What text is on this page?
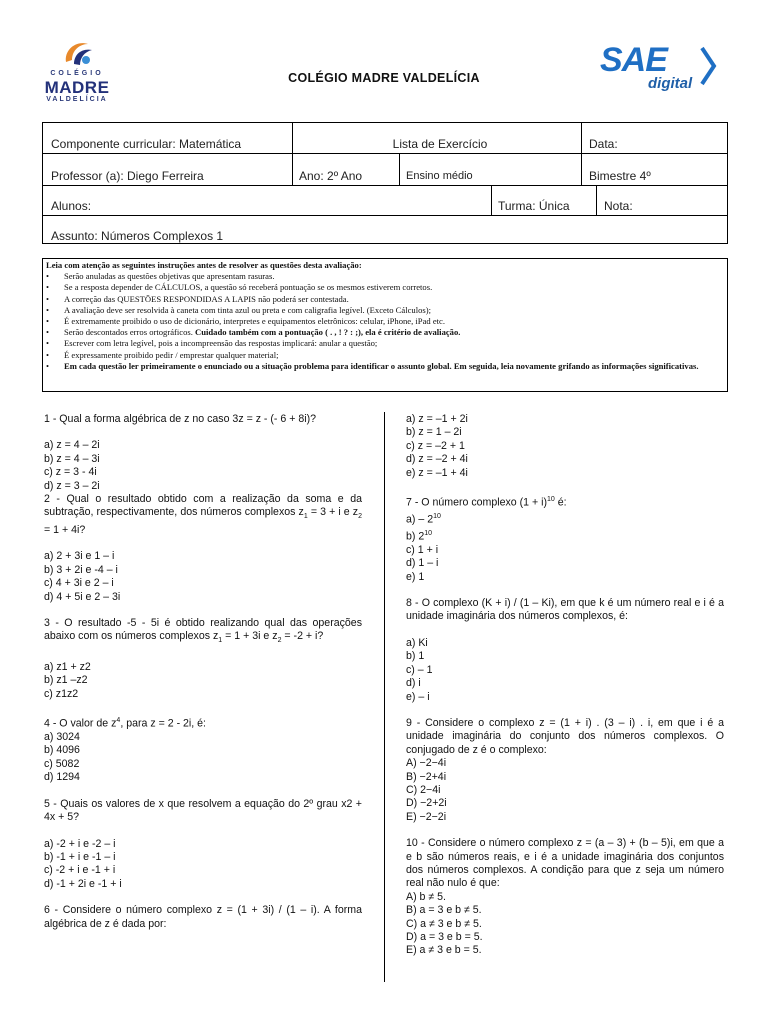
COLÉGIO
MADRE
VALDELÍCIA
COLÉGIO MADRE VALDELÍCIA	SAE
digital
Componente curricular: Matemática	Lista de Exercício	Data:
Professor (a): Diego Ferreira	Ano: 2º Ano	Ensino médio	Bimestre 4º
Alunos:	Turma: Única	Nota:
Assunto: Números Complexos 1
Leia com atenção as seguintes instruções antes de resolver as questões desta avaliação:
•	Serão anuladas as questões objetivas que apresentam rasuras.
•	Se a resposta depender de CÁLCULOS, a questão só receberá pontuação se os mesmos estiverem corretos.
•	A correção das QUESTÕES RESPONDIDAS A LAPIS não poderá ser contestada.
•	A avaliação deve ser resolvida à caneta com tinta azul ou preta e com caligrafia legível. (Exceto Cálculos);
•	É extremamente proibido o uso de dicionário, interpretes e equipamentos eletrônicos: celular, iPhone, iPad etc.
•	Serão descontados erros ortográficos. Cuidado também com a pontuação ( . , ! ? : ;), ela é critério de avaliação.
•	Escrever com letra legível, pois a incompreensão das respostas implicará: anular a questão;
•	É expressamente proibido pedir / emprestar qualquer material;
•	Em cada questão ler primeiramente o enunciado ou a situação problema para identificar o assunto global. Em seguida, leia novamente grifando as informações significativas.

1 - Qual a forma algébrica de z no caso 3z = z - (- 6 + 8i)?

a) z = 4 – 2i

b) z = 4 – 3i

c) z = 3 - 4i

d) z = 3 – 2i

2 - Qual o resultado obtido com a realização da soma e da subtração, respectivamente, dos números complexos $z_1 = 3 + i$ e $z_2 = 1 + 4i$?

a) 2 + 3i e 1 – i

b) 3 + 2i e -4 – i

c) 4 + 3i e 2 – i

d) 4 + 5i e 2 – 3i

3 - O resultado -5 - 5i é obtido realizando qual das operações abaixo com os números complexos $z_1 = 1 + 3i$ e $z_2 = -2 + i$?

a) z1 + z2

b) z1 –z2

c) z1z2

4 - O valor de $z^4$, para z = 2 - 2i, é:

a) 3024

b) 4096

c) 5082

d) 1294

5 - Quais os valores de x que resolvem a equação do 2º grau x2 + 4x + 5?

a) -2 + i e -2 – i

b) -1 + i e -1 – i

c) -2 + i e -1 + i

d) -1 + 2i e -1 + i

6 - Considere o número complexo z = (1 + 3i) / (1 – i). A forma algébrica de z é dada por:

a) z = –1 + 2i

b) z = 1 – 2i

c) z = –2 + 1

d) z = –2 + 4i

e) z = –1 + 4i

7 - O número complexo $(1 + i)^{10}$ é:

$a) - 2^{10}$

b) $2^{10}$

c) 1 + i

d) 1 – i

e) 1

8 - O complexo (K + i) / (1 – Ki), em que k é um número real e i é a unidade imaginária dos números complexos, é:

a) Ki

b) 1

c) – 1

d) i

e) – i

9 - Considere o complexo z = (1 + i) . (3 – i) . i, em que i é a unidade imaginária do conjunto dos números complexos. O conjugado de z é o complexo:

A) −2−4i

B) −2+4i

C) 2−4i

D) −2+2i

E) −2−2i

10 - Considere o número complexo z = (a – 3) + (b – 5)i, em que a e b são números reais, e i é a unidade imaginária dos conjuntos dos números complexos. A condição para que z seja um número real não nulo é que:

A) b ≠ 5.

B) a = 3 e b ≠ 5.

C) a ≠ 3 e b ≠ 5.

D) a = 3 e b = 5.

E) a ≠ 3 e b = 5.
